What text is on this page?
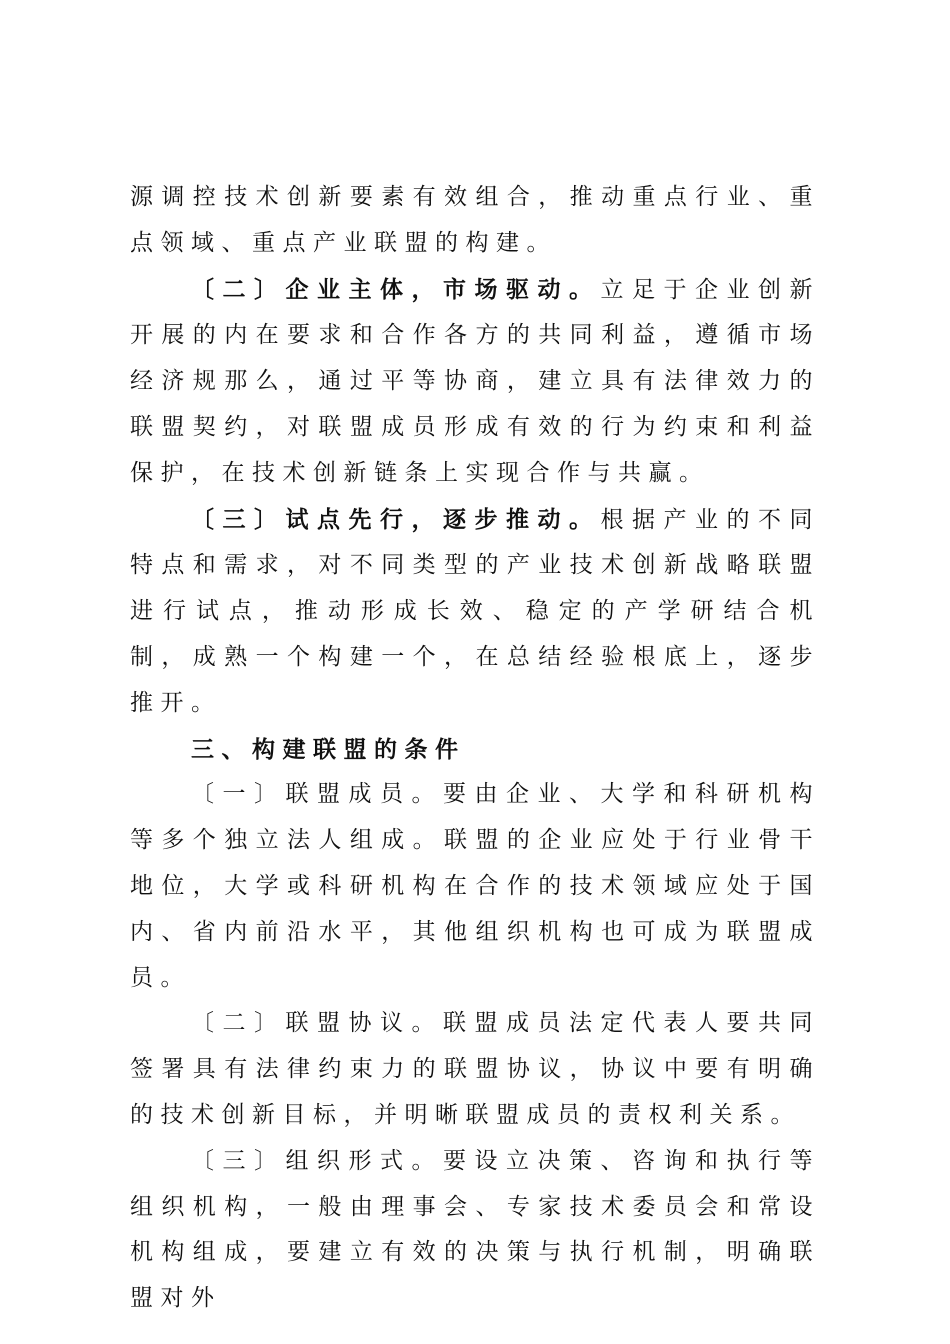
源调控技术创新要素有效组合，推动重点行业、重点领域、重点产业联盟的构建。

〔二〕企业主体，市场驱动。立足于企业创新开展的内在要求和合作各方的共同利益，遵循市场经济规那么，通过平等协商，建立具有法律效力的联盟契约，对联盟成员形成有效的行为约束和利益保护，在技术创新链条上实现合作与共赢。

〔三〕试点先行，逐步推动。根据产业的不同特点和需求，对不同类型的产业技术创新战略联盟进行试点，推动形成长效、稳定的产学研结合机制，成熟一个构建一个，在总结经验根底上，逐步推开。

三、构建联盟的条件

〔一〕联盟成员。要由企业、大学和科研机构等多个独立法人组成。联盟的企业应处于行业骨干地位，大学或科研机构在合作的技术领域应处于国内、省内前沿水平，其他组织机构也可成为联盟成员。

〔二〕联盟协议。联盟成员法定代表人要共同签署具有法律约束力的联盟协议，协议中要有明确的技术创新目标，并明晰联盟成员的责权利关系。

〔三〕组织形式。要设立决策、咨询和执行等组织机构，一般由理事会、专家技术委员会和常设机构组成，要建立有效的决策与执行机制，明确联盟对外
